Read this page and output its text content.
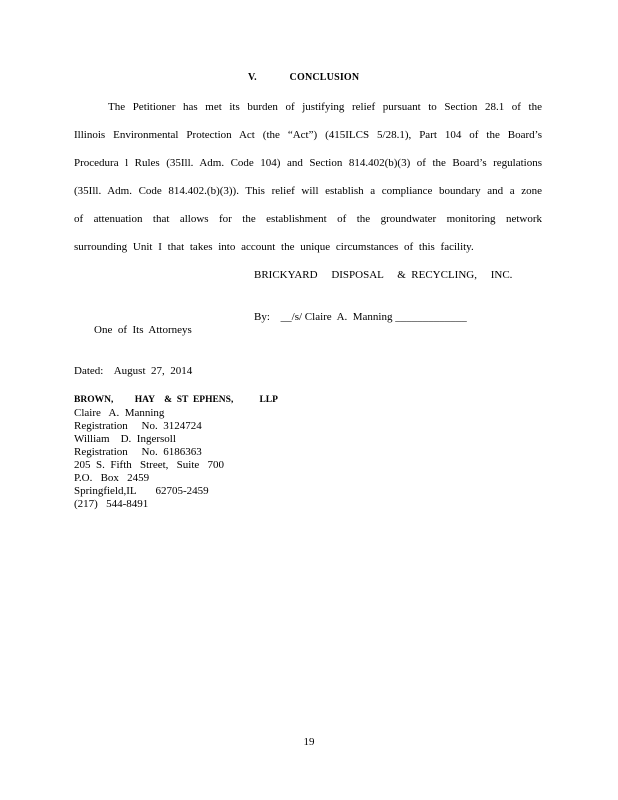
V.	CONCLUSION
The Petitioner has met its burden of justifying relief pursuant to Section 28.1 of the
Illinois Environmental Protection Act (the “Act”) (415ILCS 5/28.1), Part 104 of the Board’s
Procedura l Rules (35Ill. Adm. Code 104) and Section 814.402(b)(3) of the Board’s regulations
(35Ill. Adm. Code 814.402.(b)(3)). This relief will establish a compliance boundary and a zone
of attenuation that allows for the establishment of the groundwater monitoring network
surrounding Unit I that takes into account the unique circumstances of this facility.
BRICKYARD     DISPOSAL     &  RECYCLING,     INC.
By: __/s/ Claire  A.  Manning _____________
One  of  Its  Attorneys
Dated:    August  27,  2014
BROWN,         HAY    &  ST  EPHENS,           LLP
Claire   A.  Manning
Registration     No.  3124724
William    D.  Ingersoll
Registration     No.  6186363
205  S.  Fifth   Street,   Suite   700
P.O.   Box   2459
Springfield,IL       62705-2459
(217)   544-8491
19
